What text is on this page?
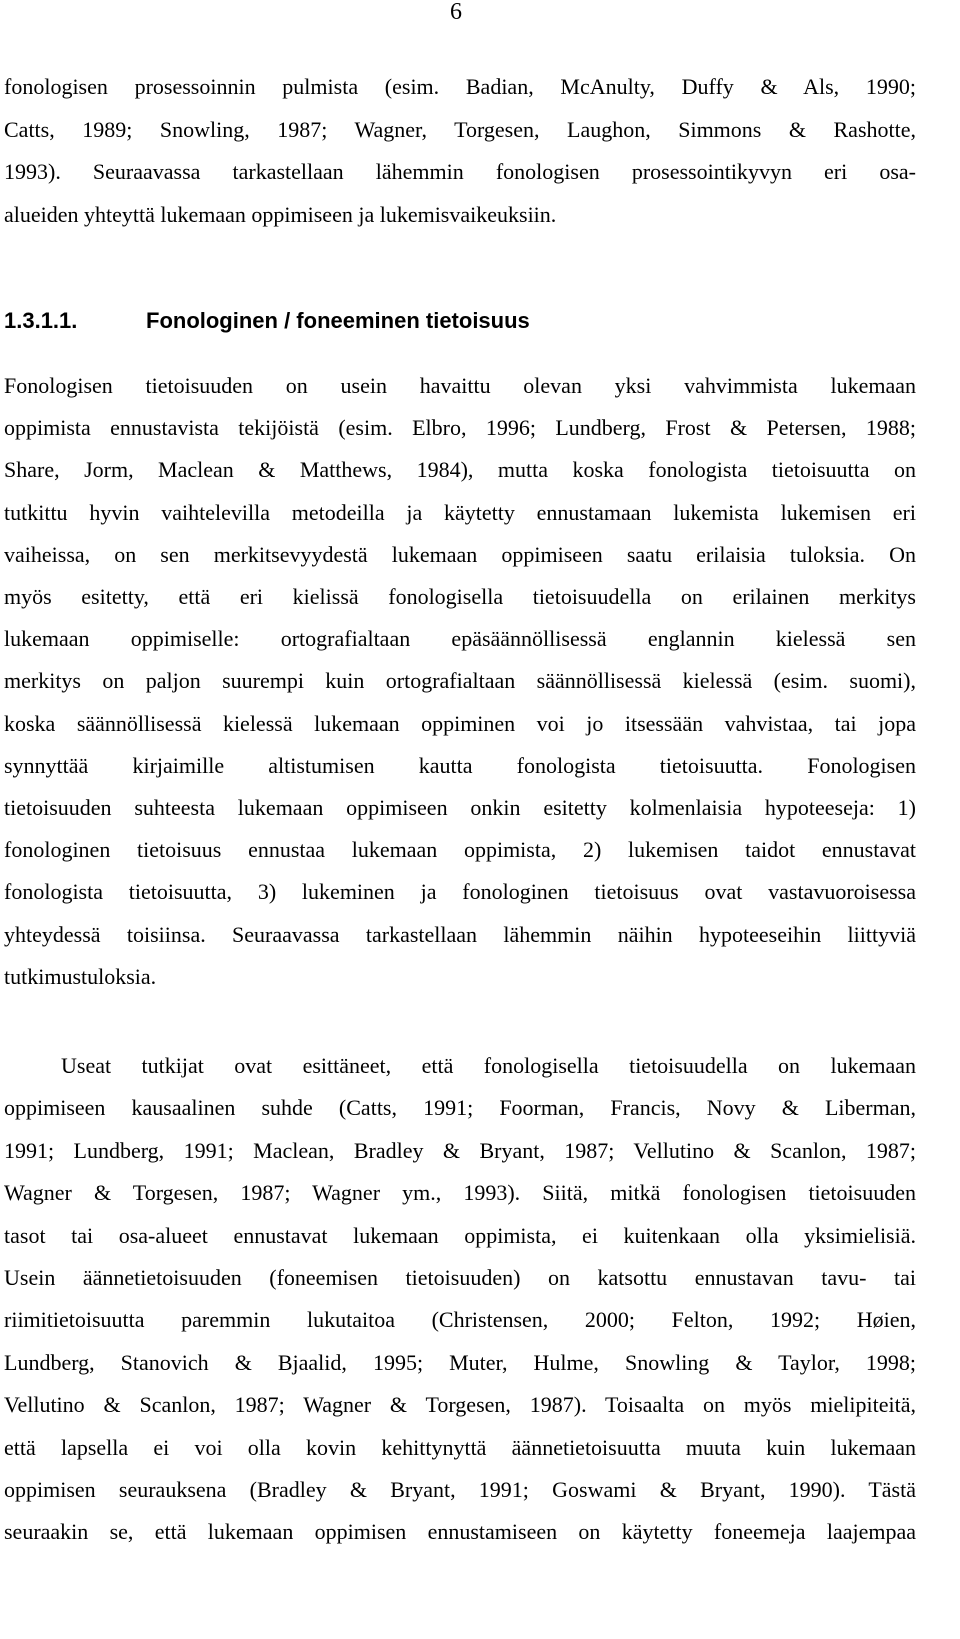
6
fonologisen prosessoinnin pulmista (esim. Badian, McAnulty, Duffy & Als, 1990;
Catts, 1989; Snowling, 1987; Wagner, Torgesen, Laughon, Simmons & Rashotte,
1993). Seuraavassa tarkastellaan lähemmin fonologisen prosessointikyvyn eri osa-
alueiden yhteyttä lukemaan oppimiseen ja lukemisvaikeuksiin.
1.3.1.1.	Fonologinen / foneeminen tietoisuus
Fonologisen tietoisuuden on usein havaittu olevan yksi vahvimmista lukemaan
oppimista ennustavista tekijöistä (esim. Elbro, 1996; Lundberg, Frost & Petersen, 1988;
Share, Jorm, Maclean & Matthews, 1984), mutta koska fonologista tietoisuutta on
tutkittu hyvin vaihtelevilla metodeilla ja käytetty ennustamaan lukemista lukemisen eri
vaiheissa, on sen merkitsevyydestä lukemaan oppimiseen saatu erilaisia tuloksia. On
myös esitetty, että eri kielissä fonologisella tietoisuudella on erilainen merkitys
lukemaan oppimiselle: ortografialtaan epäsäännöllisessä englannin kielessä sen
merkitys on paljon suurempi kuin ortografialtaan säännöllisessä kielessä (esim. suomi),
koska säännöllisessä kielessä lukemaan oppiminen voi jo itsessään vahvistaa, tai jopa
synnyttää kirjaimille altistumisen kautta fonologista tietoisuutta. Fonologisen
tietoisuuden suhteesta lukemaan oppimiseen onkin esitetty kolmenlaisia hypoteeseja: 1)
fonologinen tietoisuus ennustaa lukemaan oppimista, 2) lukemisen taidot ennustavat
fonologista tietoisuutta, 3) lukeminen ja fonologinen tietoisuus ovat vastavuoroisessa
yhteydessä toisiinsa. Seuraavassa tarkastellaan lähemmin näihin hypoteeseihin liittyviä
tutkimustuloksia.
Useat tutkijat ovat esittäneet, että fonologisella tietoisuudella on lukemaan
oppimiseen kausaalinen suhde (Catts, 1991; Foorman, Francis, Novy & Liberman,
1991; Lundberg, 1991; Maclean, Bradley & Bryant, 1987; Vellutino & Scanlon, 1987;
Wagner & Torgesen, 1987; Wagner ym., 1993). Siitä, mitkä fonologisen tietoisuuden
tasot tai osa-alueet ennustavat lukemaan oppimista, ei kuitenkaan olla yksimielisiä.
Usein äännetietoisuuden (foneemisen tietoisuuden) on katsottu ennustavan tavu- tai
riimitietoisuutta paremmin lukutaitoa (Christensen, 2000; Felton, 1992; Høien,
Lundberg, Stanovich & Bjaalid, 1995; Muter, Hulme, Snowling & Taylor, 1998;
Vellutino & Scanlon, 1987; Wagner & Torgesen, 1987). Toisaalta on myös mielipiteitä,
että lapsella ei voi olla kovin kehittynyttä äännetietoisuutta muuta kuin lukemaan
oppimisen seurauksena (Bradley & Bryant, 1991; Goswami & Bryant, 1990). Tästä
seuraakin se, että lukemaan oppimisen ennustamiseen on käytetty foneemeja laajempaa
